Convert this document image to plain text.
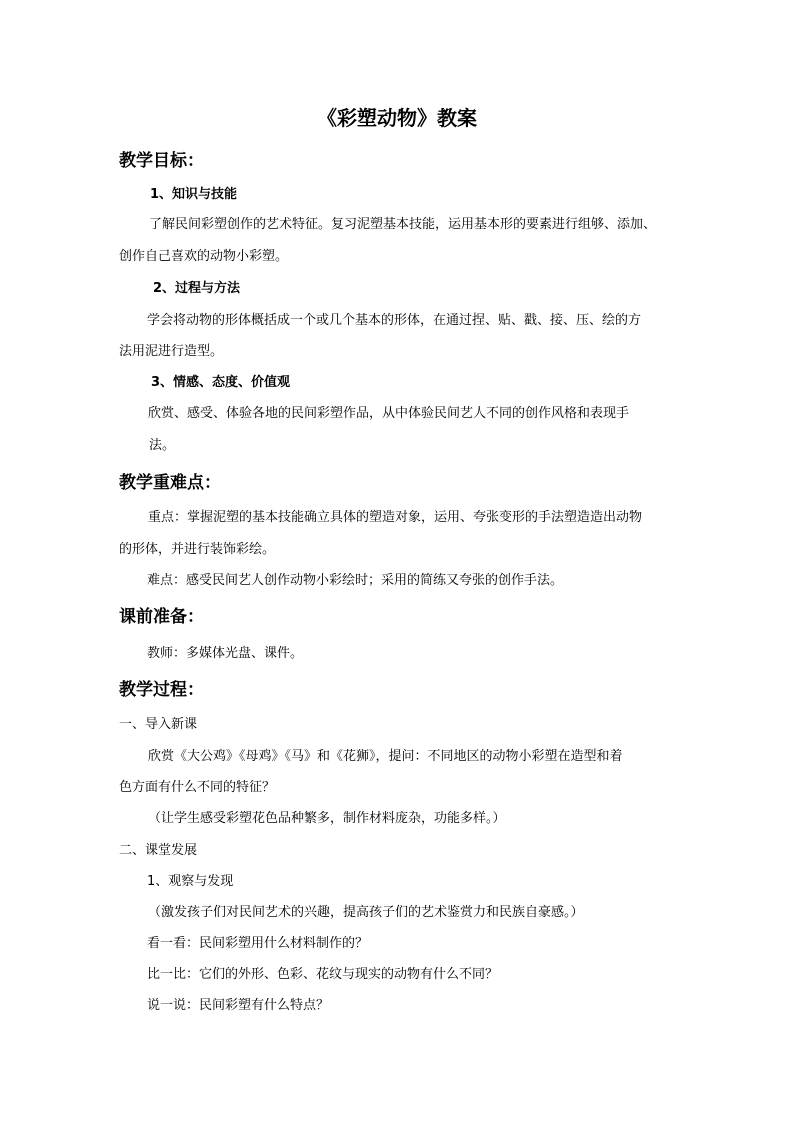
《彩塑动物》教案
教学目标：
1、知识与技能
了解民间彩塑创作的艺术特征。复习泥塑基本技能，运用基本形的要素进行组够、添加、
创作自己喜欢的动物小彩塑。
2、过程与方法
学会将动物的形体概括成一个或几个基本的形体，在通过捏、贴、戳、接、压、绘的方
法用泥进行造型。
3、情感、态度、价值观
欣赏、感受、体验各地的民间彩塑作品，从中体验民间艺人不同的创作风格和表现手
法。
教学重难点：
重点：掌握泥塑的基本技能确立具体的塑造对象，运用、夸张变形的手法塑造造出动物
的形体，并进行装饰彩绘。
难点：感受民间艺人创作动物小彩绘时；采用的简练又夸张的创作手法。
课前准备：
教师：多媒体光盘、课件。
教学过程：
一、导入新课
欣赏《大公鸡》《母鸡》《马》和《花狮》，提问：不同地区的动物小彩塑在造型和着
色方面有什么不同的特征？
（让学生感受彩塑花色品种繁多，制作材料庞杂，功能多样。）
二、课堂发展
1、观察与发现
（激发孩子们对民间艺术的兴趣，提高孩子们的艺术鉴赏力和民族自豪感。）
看一看：民间彩塑用什么材料制作的？
比一比：它们的外形、色彩、花纹与现实的动物有什么不同？
说一说：民间彩塑有什么特点？
